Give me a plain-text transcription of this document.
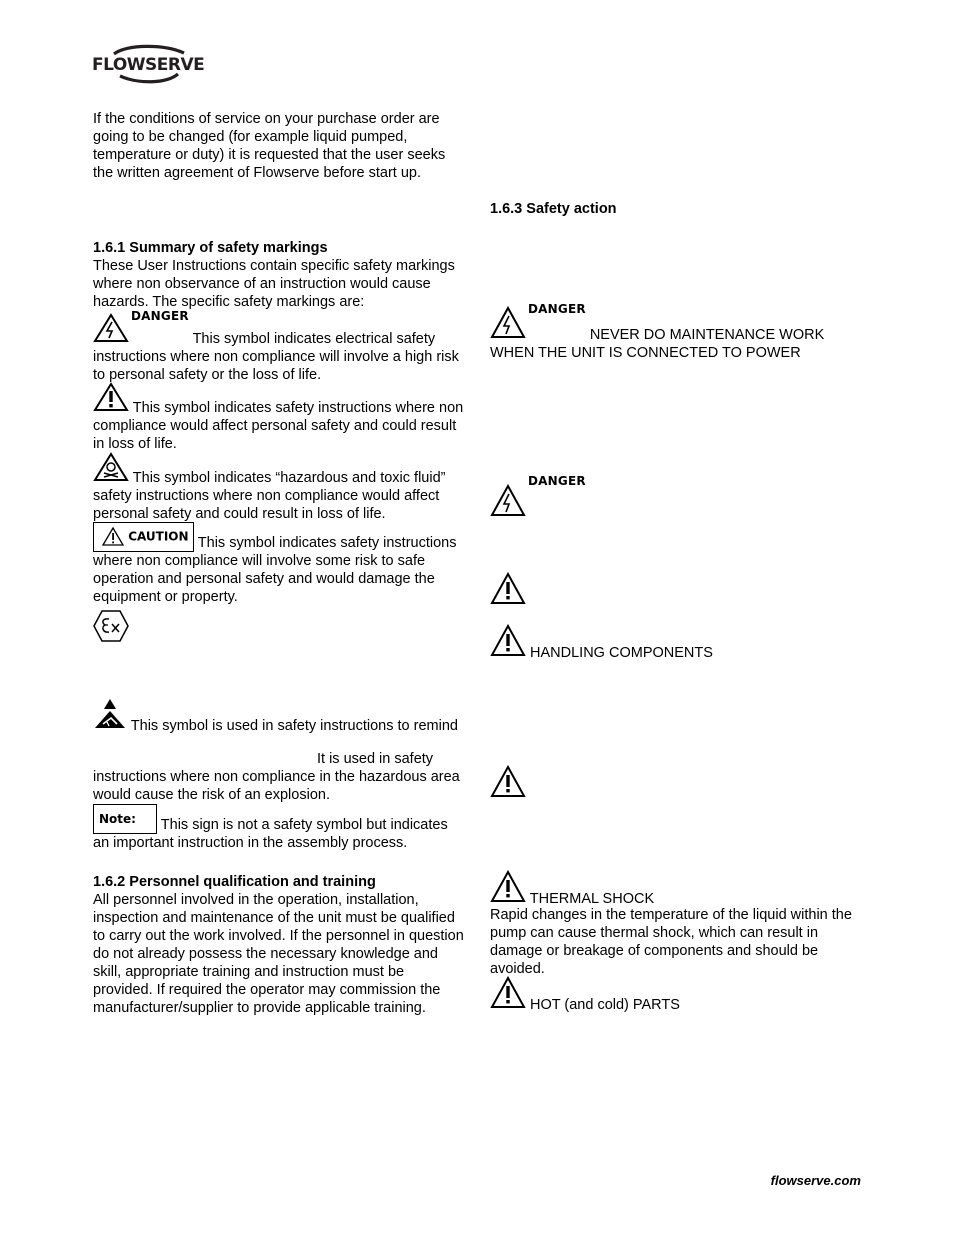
FLOWSERVE

If the conditions of service on your purchase order are going to be changed (for example liquid pumped, temperature or duty) it is requested that the user seeks the written agreement of Flowserve before start up.

1.6.1 Summary of safety markings

These User Instructions contain specific safety markings where non observance of an instruction would cause hazards. The specific safety markings are:

$^{DANGER}$ This symbol indicates electrical safety instructions where non compliance will involve a high risk to personal safety or the loss of life.
This symbol indicates safety instructions where non compliance would affect personal safety and could result in loss of life.
This symbol indicates “hazardous and toxic fluid” safety instructions where non compliance would affect personal safety and could result in loss of life.
CAUTION This symbol indicates safety instructions where non compliance will involve some risk to safe operation and personal safety and would damage the equipment or property.
This symbol is used in safety instructions to remind

It is used in safety instructions where non compliance in the hazardous area would cause the risk of an explosion.

Note: This sign is not a safety symbol but indicates an important instruction in the assembly process.

1.6.2 Personnel qualification and training

All personnel involved in the operation, installation, inspection and maintenance of the unit must be qualified to carry out the work involved. If the personnel in question do not already possess the necessary knowledge and skill, appropriate training and instruction must be provided. If required the operator may commission the manufacturer/supplier to provide applicable training.

1.6.3 Safety action

$^{DANGER}$ NEVER DO MAINTENANCE WORK WHEN THE UNIT IS CONNECTED TO POWER
$^{DANGER}$
HANDLING COMPONENTS
THERMAL SHOCK

Rapid changes in the temperature of the liquid within the pump can cause thermal shock, which can result in damage or breakage of components and should be avoided.

HOT (and cold) PARTS
flowserve.com
